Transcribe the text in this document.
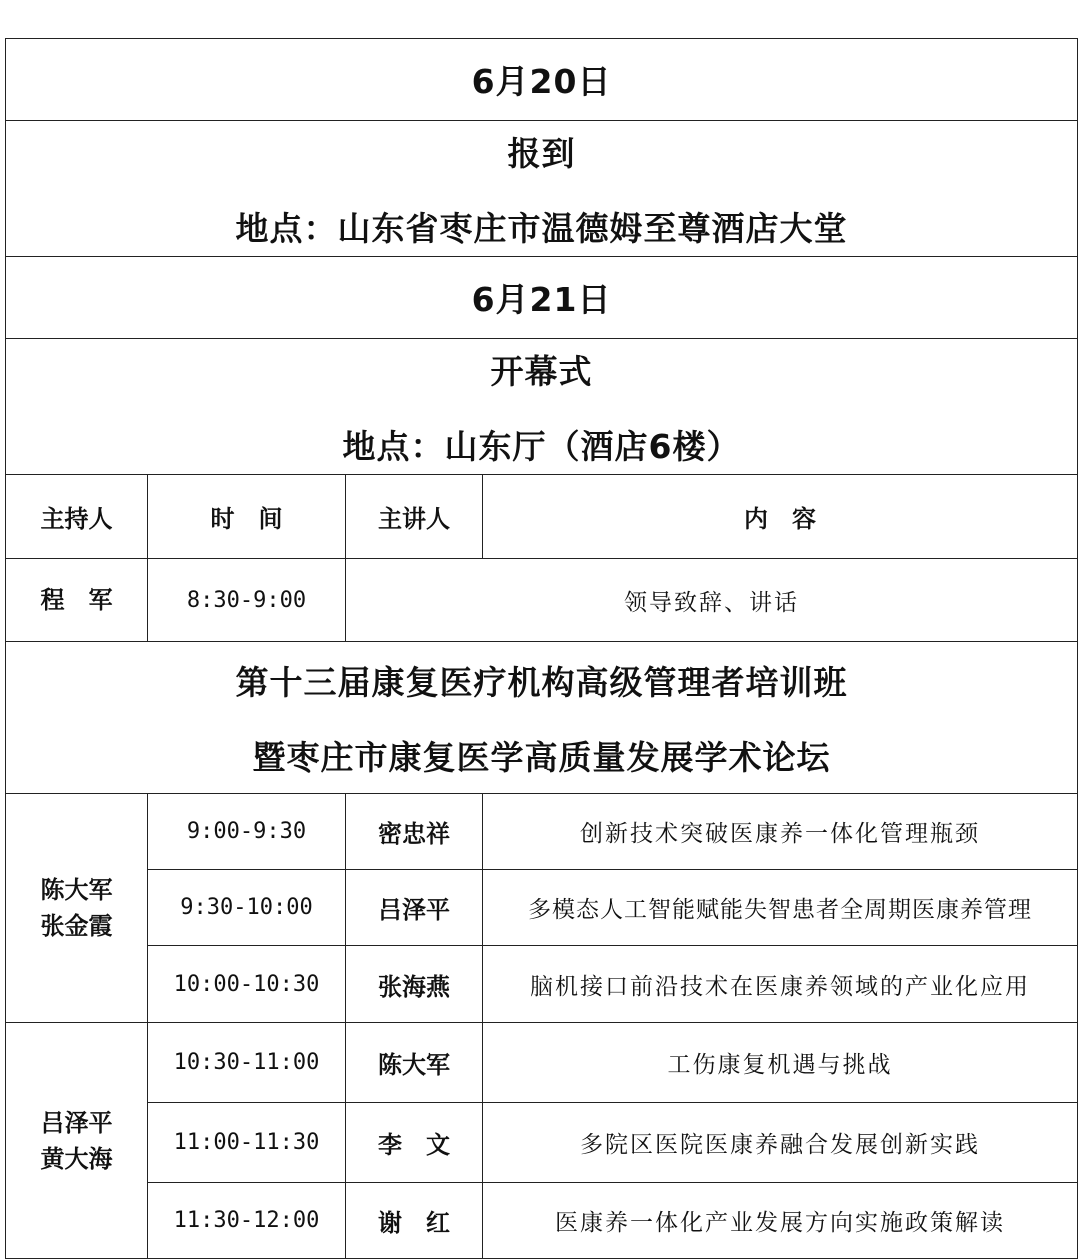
6月20日			

报到
地点：山东省枣庄市温德姆至尊酒店大堂			

6月21日			

开幕式
地点：山东厅（酒店6楼）			

主持人	时　间	主讲人	内　容
程　军	8:30-9:00	领导致辞、讲话	

第十三届康复医疗机构高级管理者培训班
暨枣庄市康复医学高质量发展学术论坛			

陈大军
张金霞	9:00-9:30	密忠祥	创新技术突破医康养一体化管理瓶颈
	9:30-10:00	吕泽平	多模态人工智能赋能失智患者全周期医康养管理
	10:00-10:30	张海燕	脑机接口前沿技术在医康养领域的产业化应用

吕泽平
黄大海	10:30-11:00	陈大军	工伤康复机遇与挑战
	11:00-11:30	李　文	多院区医院医康养融合发展创新实践
	11:30-12:00	谢　红	医康养一体化产业发展方向实施政策解读
